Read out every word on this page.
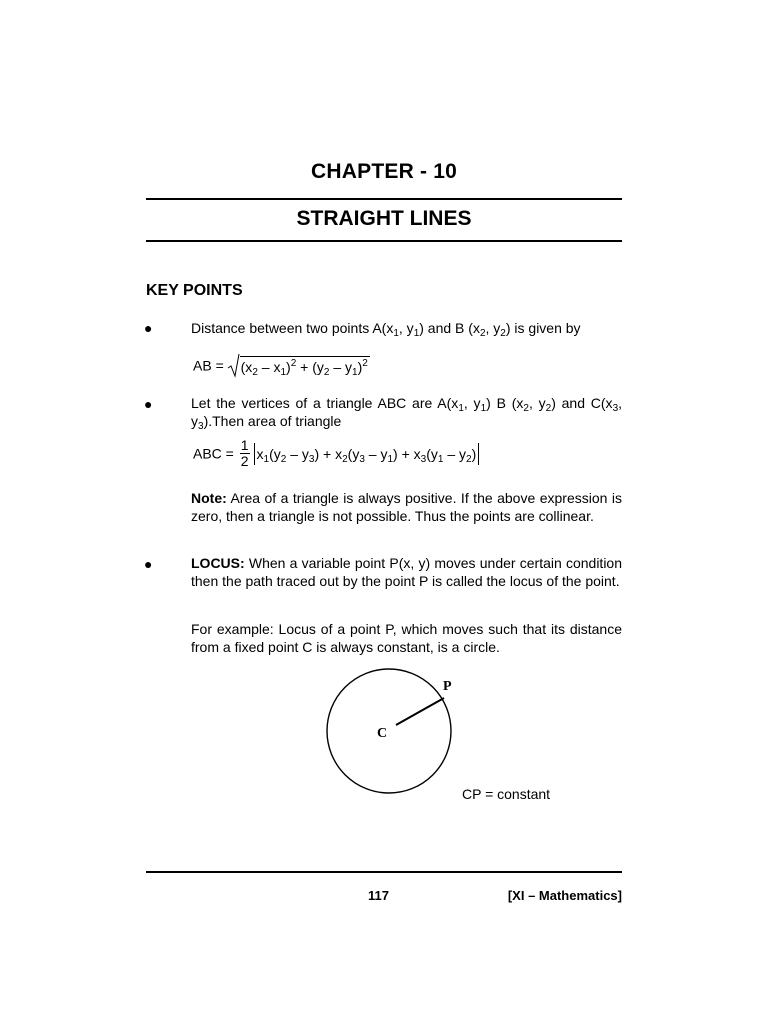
CHAPTER - 10
STRAIGHT LINES
KEY POINTS
●	Distance between two points $A(x_1$, $y_1$) and B ($x_2$, $y_2$) is given by
AB = $(x_2 - x_1)^2 + (y_2 - y_1)^2$
●	Let the vertices of a triangle ABC are $A(x_1$, $y_1$) B ($x_2$, $y_2$) and $C(x_3$, $y_3).Then$ area of triangle
ABC = $\frac{1}{2} x_1(y_2 - y_3) + x_2(y_3 - y_1) + x_3(y_1 - y_2)$
Note: Area of a triangle is always positive. If the above expression is zero, then a triangle is not possible. Thus the points are collinear.
●	LOCUS: When a variable point P(x, y) moves under certain condition then the path traced out by the point P is called the locus of the point.
For example: Locus of a point P, which moves such that its distance from a fixed point C is always constant, is a circle.
P
C
CP = constant
117	[XI – Mathematics]
